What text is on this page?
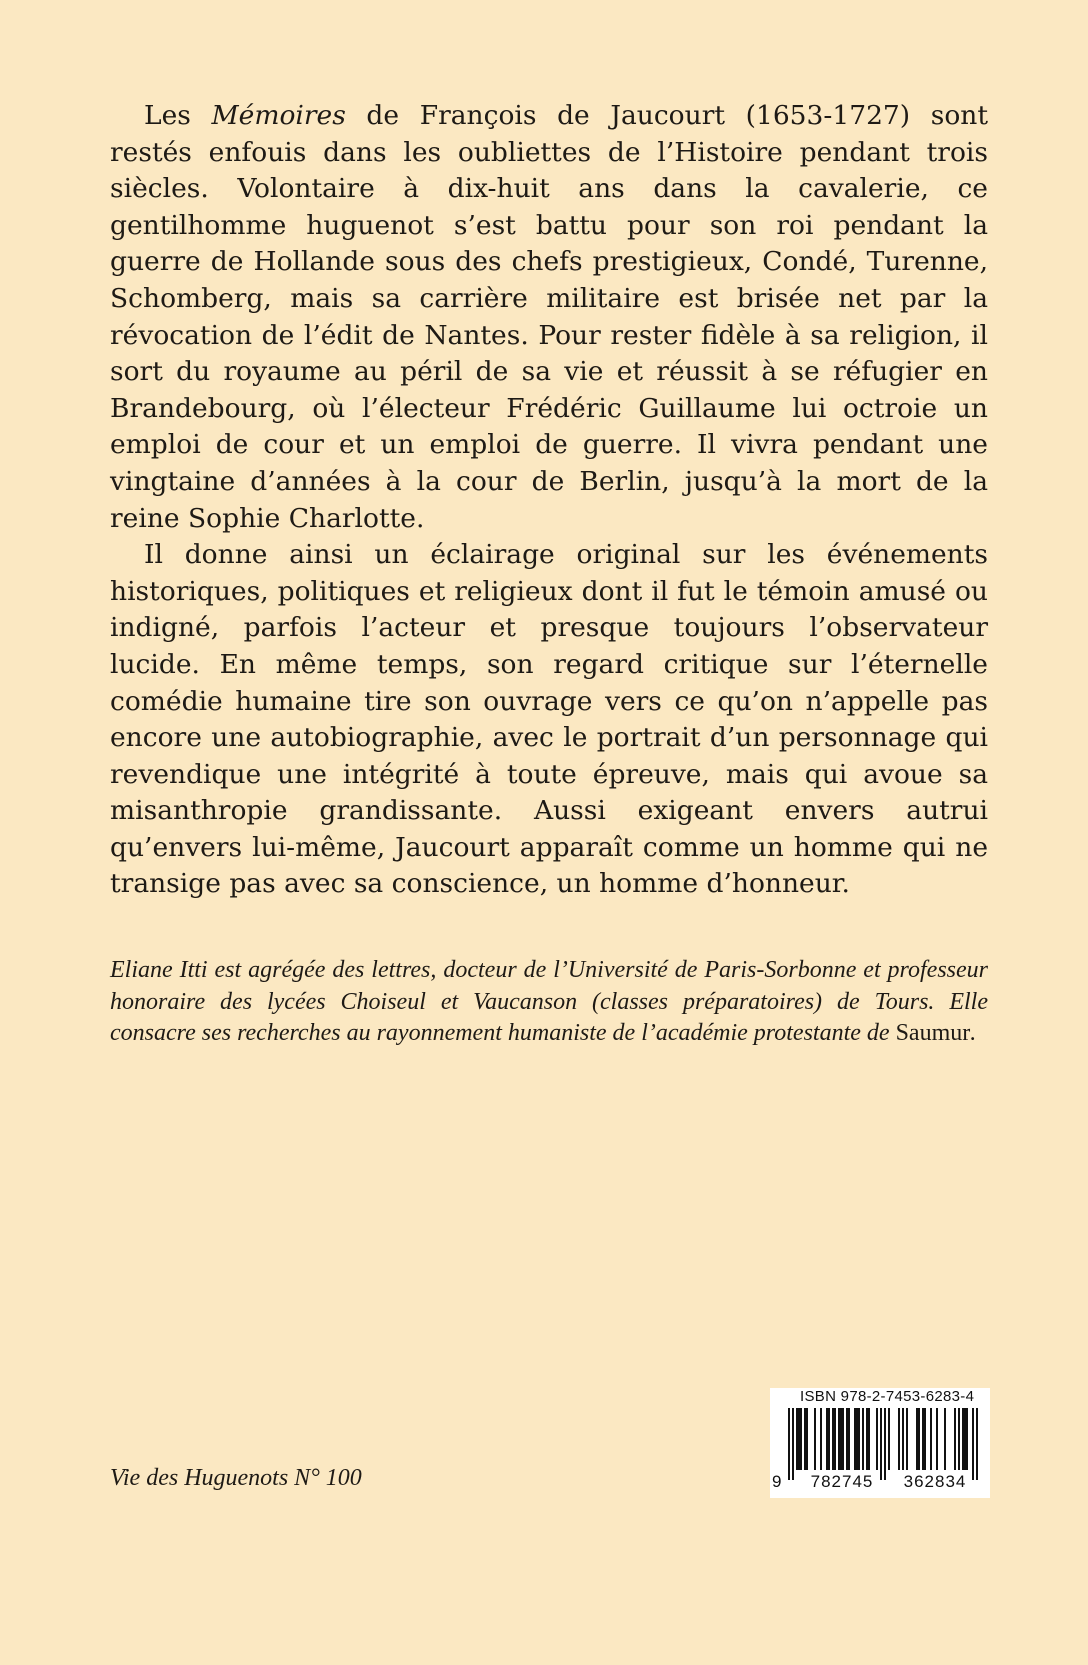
Les Mémoires de François de Jaucourt (1653-1727) sont restés enfouis dans les oubliettes de l’Histoire pendant trois siècles. Volontaire à dix-huit ans dans la cavalerie, ce gentilhomme huguenot s’est battu pour son roi pendant la guerre de Hollande sous des chefs prestigieux, Condé, Turenne, Schomberg, mais sa carrière militaire est brisée net par la révocation de l’édit de Nantes. Pour rester fidèle à sa religion, il sort du royaume au péril de sa vie et réussit à se réfugier en Brandebourg, où l’électeur Frédéric Guillaume lui octroie un emploi de cour et un emploi de guerre. Il vivra pendant une vingtaine d’années à la cour de Berlin, jusqu’à la mort de la reine Sophie Charlotte.

Il donne ainsi un éclairage original sur les événements historiques, politiques et religieux dont il fut le témoin amusé ou indigné, parfois l’acteur et presque toujours l’observateur lucide. En même temps, son regard critique sur l’éternelle comédie humaine tire son ouvrage vers ce qu’on n’appelle pas encore une autobiographie, avec le portrait d’un personnage qui revendique une intégrité à toute épreuve, mais qui avoue sa misanthropie grandissante. Aussi exigeant envers autrui qu’envers lui-même, Jaucourt apparaît comme un homme qui ne transige pas avec sa conscience, un homme d’honneur.

Eliane Itti est agrégée des lettres, docteur de l’Université de Paris-Sorbonne et professeur honoraire des lycées Choiseul et Vaucanson (classes préparatoires) de Tours. Elle consacre ses recherches au rayonnement humaniste de l’académie protestante de Saumur.

Vie des Huguenots N° 100

ISBN 978-2-7453-6283-4
9	782745	362834
